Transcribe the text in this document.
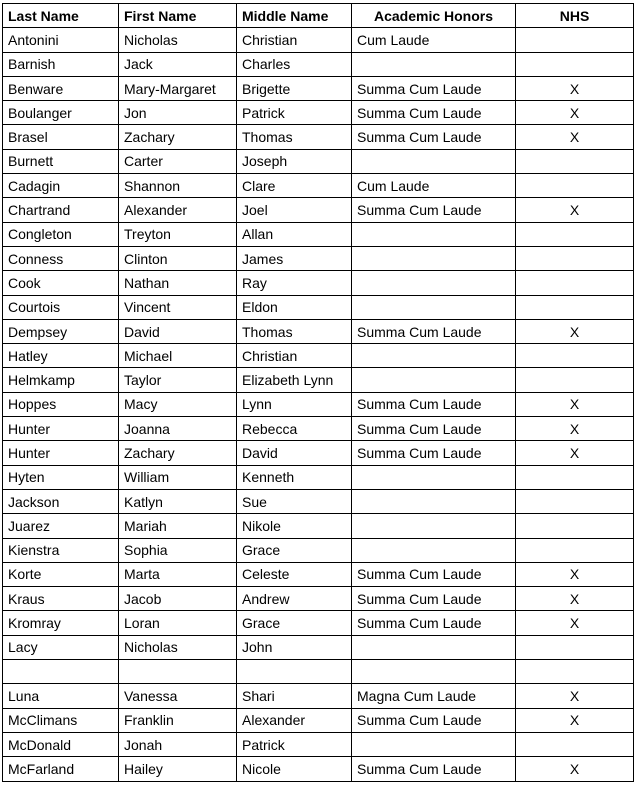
Last Name	First Name	Middle Name	Academic Honors	NHS
Antonini	Nicholas	Christian	Cum Laude	
Barnish	Jack	Charles		
Benware	Mary-Margaret	Brigette	Summa Cum Laude	X
Boulanger	Jon	Patrick	Summa Cum Laude	X
Brasel	Zachary	Thomas	Summa Cum Laude	X
Burnett	Carter	Joseph		
Cadagin	Shannon	Clare	Cum Laude	
Chartrand	Alexander	Joel	Summa Cum Laude	X
Congleton	Treyton	Allan		
Conness	Clinton	James		
Cook	Nathan	Ray		
Courtois	Vincent	Eldon		
Dempsey	David	Thomas	Summa Cum Laude	X
Hatley	Michael	Christian		
Helmkamp	Taylor	Elizabeth Lynn		
Hoppes	Macy	Lynn	Summa Cum Laude	X
Hunter	Joanna	Rebecca	Summa Cum Laude	X
Hunter	Zachary	David	Summa Cum Laude	X
Hyten	William	Kenneth		
Jackson	Katlyn	Sue		
Juarez	Mariah	Nikole		
Kienstra	Sophia	Grace		
Korte	Marta	Celeste	Summa Cum Laude	X
Kraus	Jacob	Andrew	Summa Cum Laude	X
Kromray	Loran	Grace	Summa Cum Laude	X
Lacy	Nicholas	John		

Luna	Vanessa	Shari	Magna Cum Laude	X
McClimans	Franklin	Alexander	Summa Cum Laude	X
McDonald	Jonah	Patrick		
McFarland	Hailey	Nicole	Summa Cum Laude	X
